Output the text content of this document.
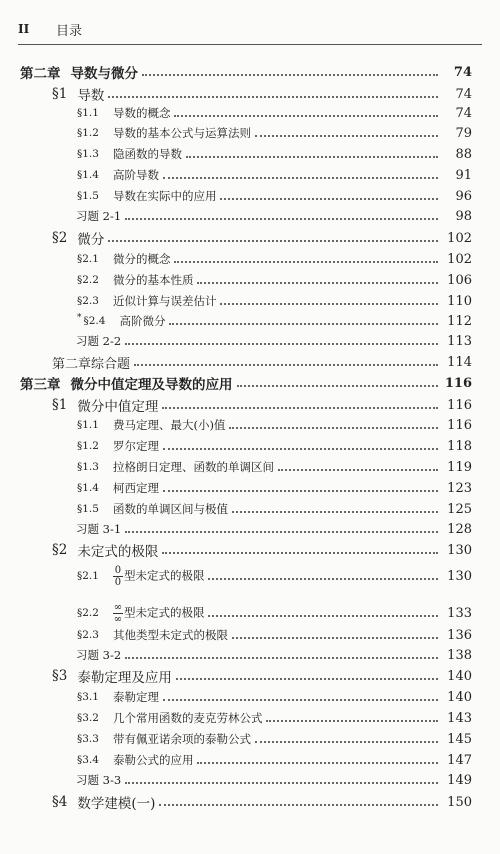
II 目录
第二章 导数与微分	74
§1 导数	74
§1.1 导数的概念	74
§1.2 导数的基本公式与运算法则	79
§1.3 隐函数的导数	88
§1.4 高阶导数	91
§1.5 导数在实际中的应用	96
习题 2-1	98
§2 微分	102
§2.1 微分的概念	102
§2.2 微分的基本性质	106
§2.3 近似计算与误差估计	110
* §2.4 高阶微分	112
习题 2-2	113
第二章综合题	114
第三章 微分中值定理及导数的应用	116
§1 微分中值定理	116
§1.1 费马定理、最大(小)值	116
§1.2 罗尔定理	118
§1.3 拉格朗日定理、函数的单调区间	119
§1.4 柯西定理	123
§1.5 函数的单调区间与极值	125
习题 3-1	128
§2 未定式的极限	130
§2.1 $\frac{0}{0}$ 型未定式的极限	130
§2.2 $\frac{\infty}{\infty}$ 型未定式的极限	133
§2.3 其他类型未定式的极限	136
习题 3-2	138
§3 泰勒定理及应用	140
§3.1 泰勒定理	140
§3.2 几个常用函数的麦克劳林公式	143
§3.3 带有佩亚诺余项的泰勒公式	145
§3.4 泰勒公式的应用	147
习题 3-3	149
§4 数学建模(一)	150
